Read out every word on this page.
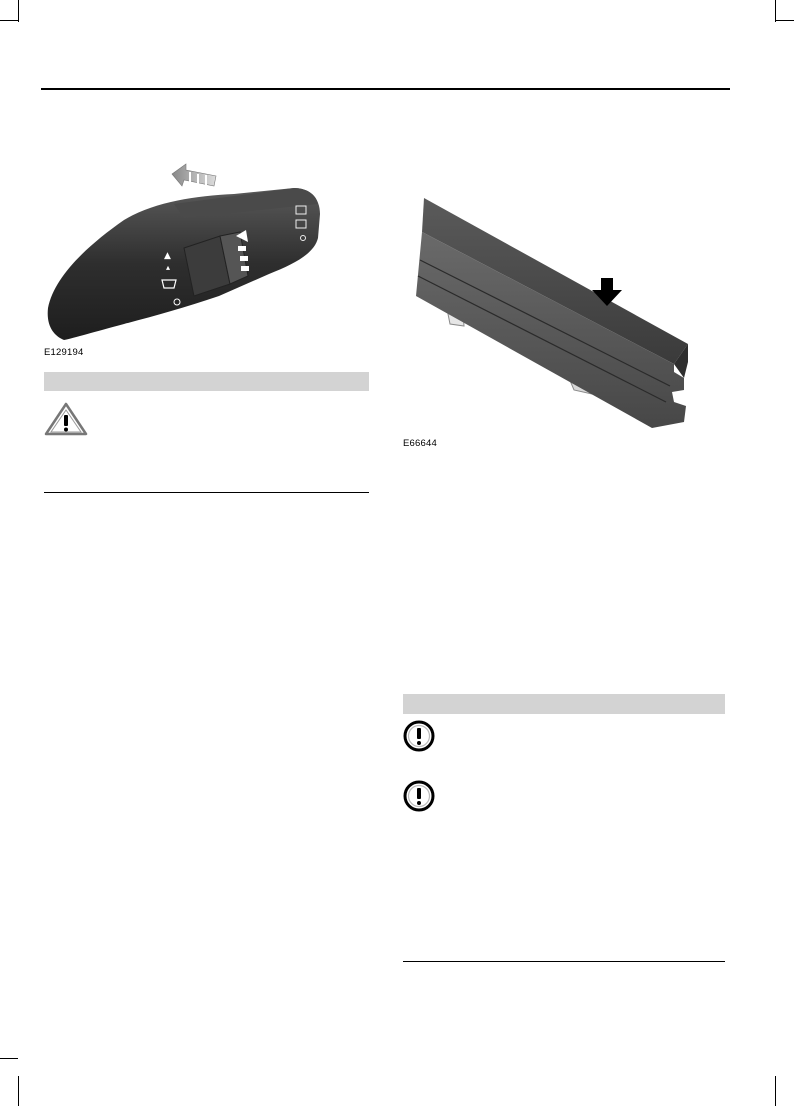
▲
▴
E129194
E66644
